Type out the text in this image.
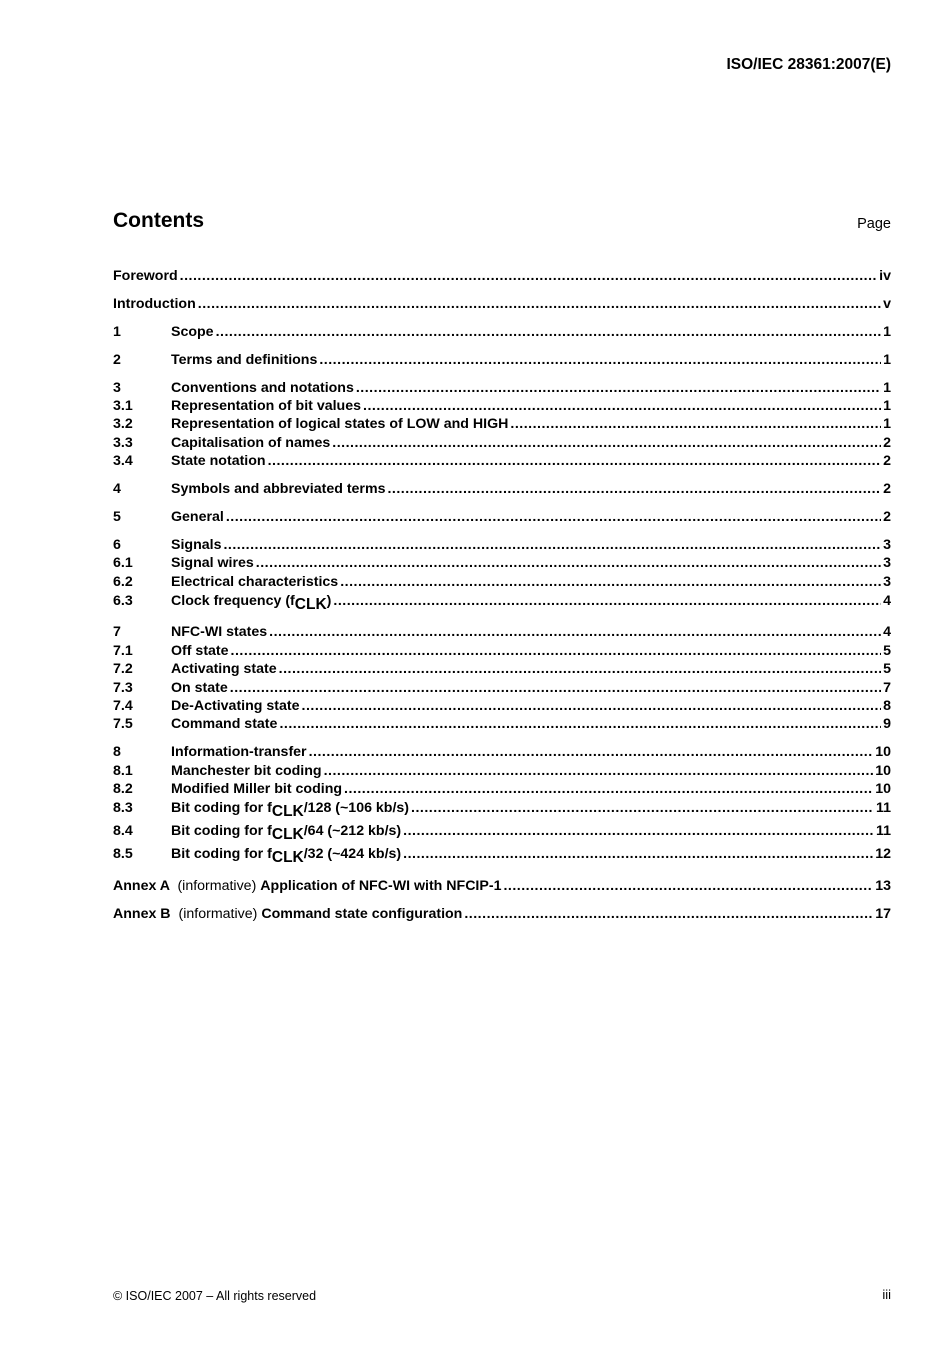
ISO/IEC 28361:2007(E)
Contents	Page
Foreword .....	iv
Introduction .....	v
1	Scope .....	1
2	Terms and definitions .....	1
3	Conventions and notations .....	1
3.1	Representation of bit values .....	1
3.2	Representation of logical states of LOW and HIGH .....	1
3.3	Capitalisation of names .....	2
3.4	State notation .....	2
4	Symbols and abbreviated terms .....	2
5	General .....	2
6	Signals .....	3
6.1	Signal wires .....	3
6.2	Electrical characteristics .....	3
6.3	Clock frequency $(f_{CLK})$ .....	4
7	NFC-WI states .....	4
7.1	Off state .....	5
7.2	Activating state .....	5
7.3	On state .....	7
7.4	De-Activating state .....	8
7.5	Command state .....	9
8	Information-transfer .....	10
8.1	Manchester bit coding .....	10
8.2	Modified Miller bit coding .....	10
8.3	Bit coding for $f_{CLK}/128$ (~106 kb/s) .....	11
8.4	Bit coding for $f_{CLK}/64$ (~212 kb/s) .....	11
8.5	Bit coding for $f_{CLK}/32$ (~424 kb/s) .....	12
Annex A (informative) Application of NFC-WI with NFCIP-1 .....	13
Annex B (informative) Command state configuration .....	17
© ISO/IEC 2007 – All rights reserved	iii
